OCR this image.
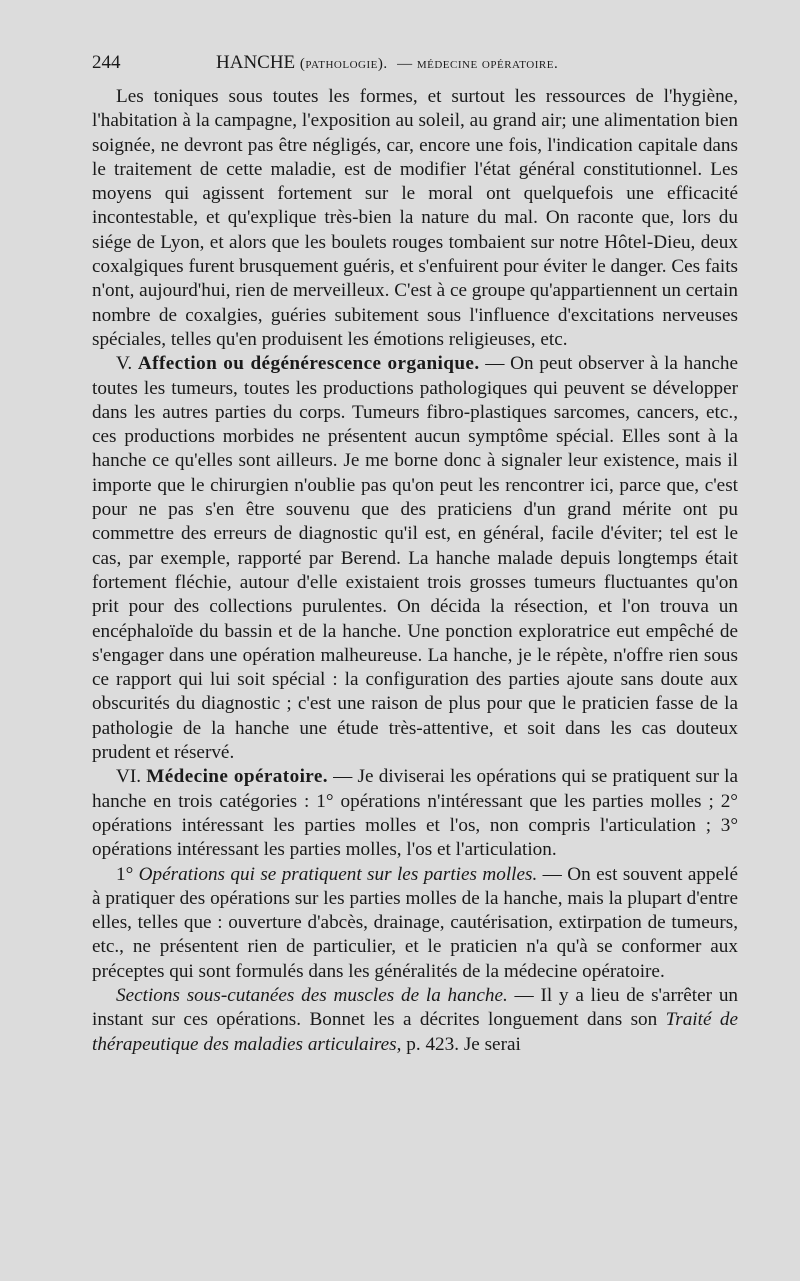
244	HANCHE (pathologie). — médecine opératoire.

Les toniques sous toutes les formes, et surtout les ressources de l'hygiène, l'habitation à la campagne, l'exposition au soleil, au grand air; une alimentation bien soignée, ne devront pas être négligés, car, encore une fois, l'indication capitale dans le traitement de cette maladie, est de modifier l'état général constitutionnel. Les moyens qui agissent fortement sur le moral ont quelquefois une efficacité incontestable, et qu'explique très-bien la nature du mal. On raconte que, lors du siége de Lyon, et alors que les boulets rouges tombaient sur notre Hôtel-Dieu, deux coxalgiques furent brusquement guéris, et s'enfuirent pour éviter le danger. Ces faits n'ont, aujourd'hui, rien de merveilleux. C'est à ce groupe qu'appartiennent un certain nombre de coxalgies, guéries subitement sous l'influence d'excitations nerveuses spéciales, telles qu'en produisent les émotions religieuses, etc.

V. Affection ou dégénérescence organique. — On peut observer à la hanche toutes les tumeurs, toutes les productions pathologiques qui peuvent se développer dans les autres parties du corps. Tumeurs fibro-plastiques sarcomes, cancers, etc., ces productions morbides ne présentent aucun symptôme spécial. Elles sont à la hanche ce qu'elles sont ailleurs. Je me borne donc à signaler leur existence, mais il importe que le chirurgien n'oublie pas qu'on peut les rencontrer ici, parce que, c'est pour ne pas s'en être souvenu que des praticiens d'un grand mérite ont pu commettre des erreurs de diagnostic qu'il est, en général, facile d'éviter; tel est le cas, par exemple, rapporté par Berend. La hanche malade depuis longtemps était fortement fléchie, autour d'elle existaient trois grosses tumeurs fluctuantes qu'on prit pour des collections purulentes. On décida la résection, et l'on trouva un encéphaloïde du bassin et de la hanche. Une ponction exploratrice eut empêché de s'engager dans une opération malheureuse. La hanche, je le répète, n'offre rien sous ce rapport qui lui soit spécial : la configuration des parties ajoute sans doute aux obscurités du diagnostic ; c'est une raison de plus pour que le praticien fasse de la pathologie de la hanche une étude très-attentive, et soit dans les cas douteux prudent et réservé.

VI. Médecine opératoire. — Je diviserai les opérations qui se pratiquent sur la hanche en trois catégories : 1° opérations n'intéressant que les parties molles ; 2° opérations intéressant les parties molles et l'os, non compris l'articulation ; 3° opérations intéressant les parties molles, l'os et l'articulation.

1° Opérations qui se pratiquent sur les parties molles. — On est souvent appelé à pratiquer des opérations sur les parties molles de la hanche, mais la plupart d'entre elles, telles que : ouverture d'abcès, drainage, cautérisation, extirpation de tumeurs, etc., ne présentent rien de particulier, et le praticien n'a qu'à se conformer aux préceptes qui sont formulés dans les généralités de la médecine opératoire.

Sections sous-cutanées des muscles de la hanche. — Il y a lieu de s'arrêter un instant sur ces opérations. Bonnet les a décrites longuement dans son Traité de thérapeutique des maladies articulaires, p. 423. Je serai
